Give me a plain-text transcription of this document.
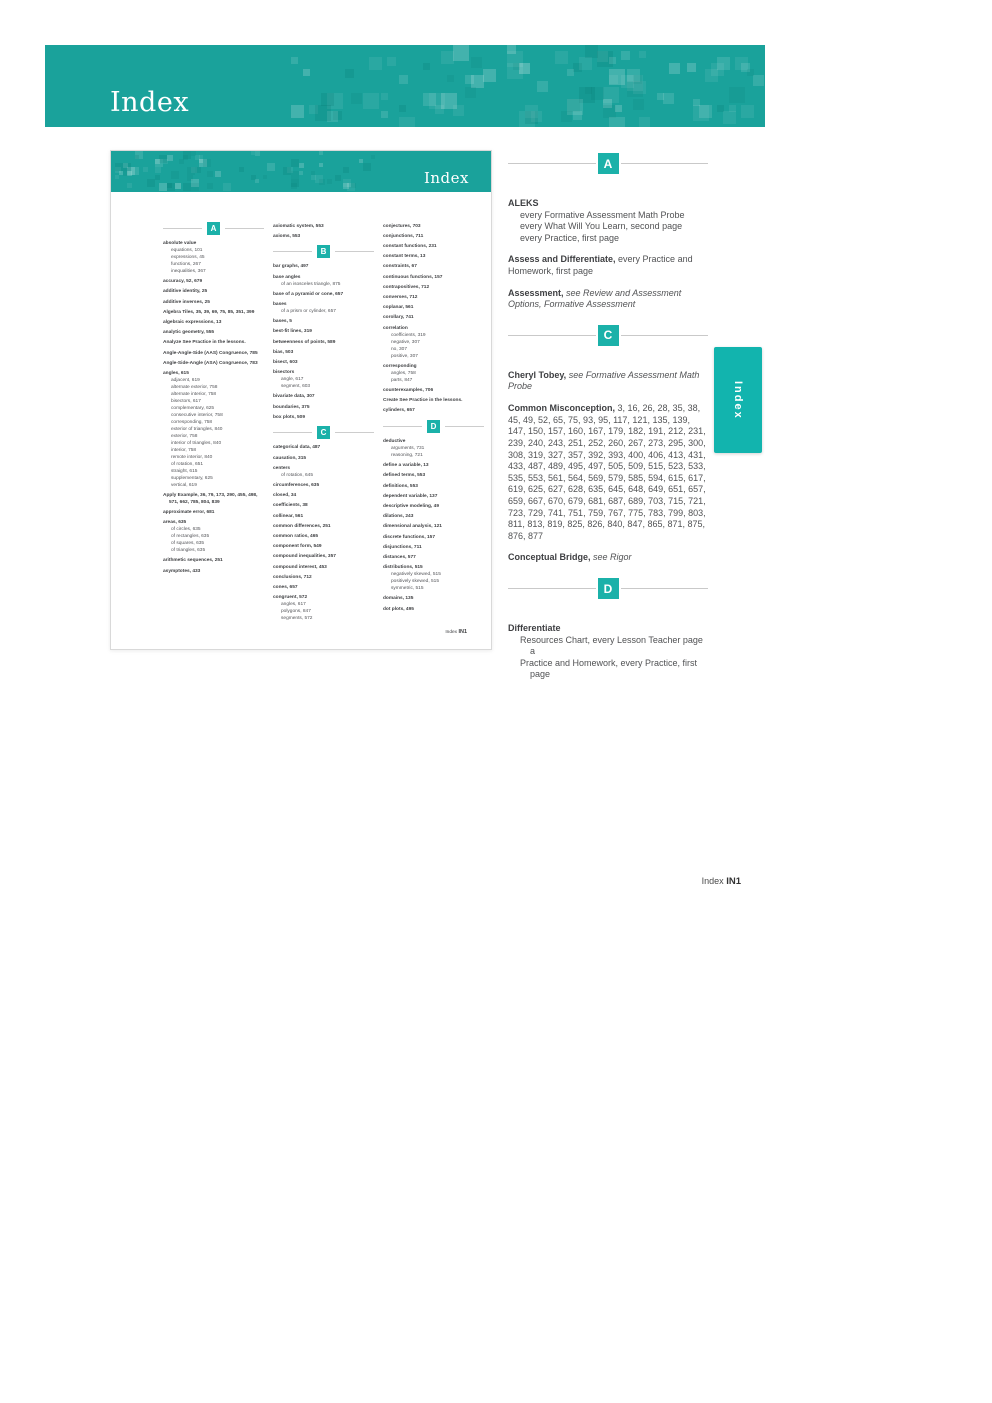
Index
Index
A
absolute value
equations, 101
expressions, 45
functions, 267
inequalities, 367
accuracy, 52, 679
additive identity, 25
additive inverses, 25
Algebra Tiles, 35, 39, 69, 75, 85, 351, 399
algebraic expressions, 13
analytic geometry, 555
Analyze See Practice in the lessons.
Angle-Angle-Side (AAS) Congruence, 785
Angle-Side-Angle (ASA) Congruence, 783
angles, 615
adjacent, 619
alternate exterior, 758
alternate interior, 758
bisectors, 617
complementary, 625
consecutive interior, 758
corresponding, 758
exterior of triangles, 840
exterior, 758
interior of triangles, 840
interior, 758
remote interior, 840
of rotation, 651
straight, 615
supplementary, 625
vertical, 619
Apply Example, 36, 79, 173, 290, 455, 498, 571, 662, 785, 804, 839
approximate error, 681
areas, 635
of circles, 635
of rectangles, 635
of squares, 635
of triangles, 635
arithmetic sequences, 251
asymptotes, 433
axiomatic system, 553
axioms, 553
B
bar graphs, 497
base angles
of an isosceles triangle, 875
base of a pyramid or cone, 657
bases
of a prism or cylinder, 657
bases, 5
best-fit lines, 319
betweenness of points, 589
bias, 503
bisect, 603
bisectors
angle, 617
segment, 603
bivariate data, 307
boundaries, 375
box plots, 509
C
categorical data, 487
causation, 315
centers
of rotation, 645
circumferences, 635
closed, 34
coefficients, 38
collinear, 561
common differences, 251
common ratios, 465
component form, 549
compound inequalities, 357
compound interest, 453
conclusions, 712
cones, 657
congruent, 572
angles, 617
polygons, 847
segments, 572
conjectures, 703
conjunctions, 711
constant functions, 231
constant terms, 13
constraints, 67
continuous functions, 157
contrapositives, 712
converses, 712
coplanar, 561
corollary, 741
correlation
coefficients, 319
negative, 307
no, 307
positive, 307
corresponding
angles, 758
parts, 847
counterexamples, 706
Create See Practice in the lessons.
cylinders, 657
D
deductive
arguments, 731
reasoning, 721
define a variable, 13
defined terms, 553
definitions, 553
dependent variable, 137
descriptive modeling, 49
dilations, 243
dimensional analysis, 121
discrete functions, 157
disjunctions, 711
distances, 577
distributions, 515
negatively skewed, 515
positively skewed, 515
symmetric, 515
domains, 135
dot plots, 495
Index IN1
A

ALEKS

every Formative Assessment Math Probe
every What Will You Learn, second page
every Practice, first page

Assess and Differentiate, every Practice and Homework, first page

Assessment, see Review and Assessment Options, Formative Assessment

C

Cheryl Tobey, see Formative Assessment Math Probe

Common Misconception, 3, 16, 26, 28, 35, 38, 45, 49, 52, 65, 75, 93, 95, 117, 121, 135, 139, 147, 150, 157, 160, 167, 179, 182, 191, 212, 231, 239, 240, 243, 251, 252, 260, 267, 273, 295, 300, 308, 319, 327, 357, 392, 393, 400, 406, 413, 431, 433, 487, 489, 495, 497, 505, 509, 515, 523, 533, 535, 553, 561, 564, 569, 579, 585, 594, 615, 617, 619, 625, 627, 628, 635, 645, 648, 649, 651, 657, 659, 667, 670, 679, 681, 687, 689, 703, 715, 721, 723, 729, 741, 751, 759, 767, 775, 783, 799, 803, 811, 813, 819, 825, 826, 840, 847, 865, 871, 875, 876, 877

Conceptual Bridge, see Rigor

D

Differentiate

Resources Chart, every Lesson Teacher page a
Practice and Homework, every Practice, first page
Index
Index IN1
